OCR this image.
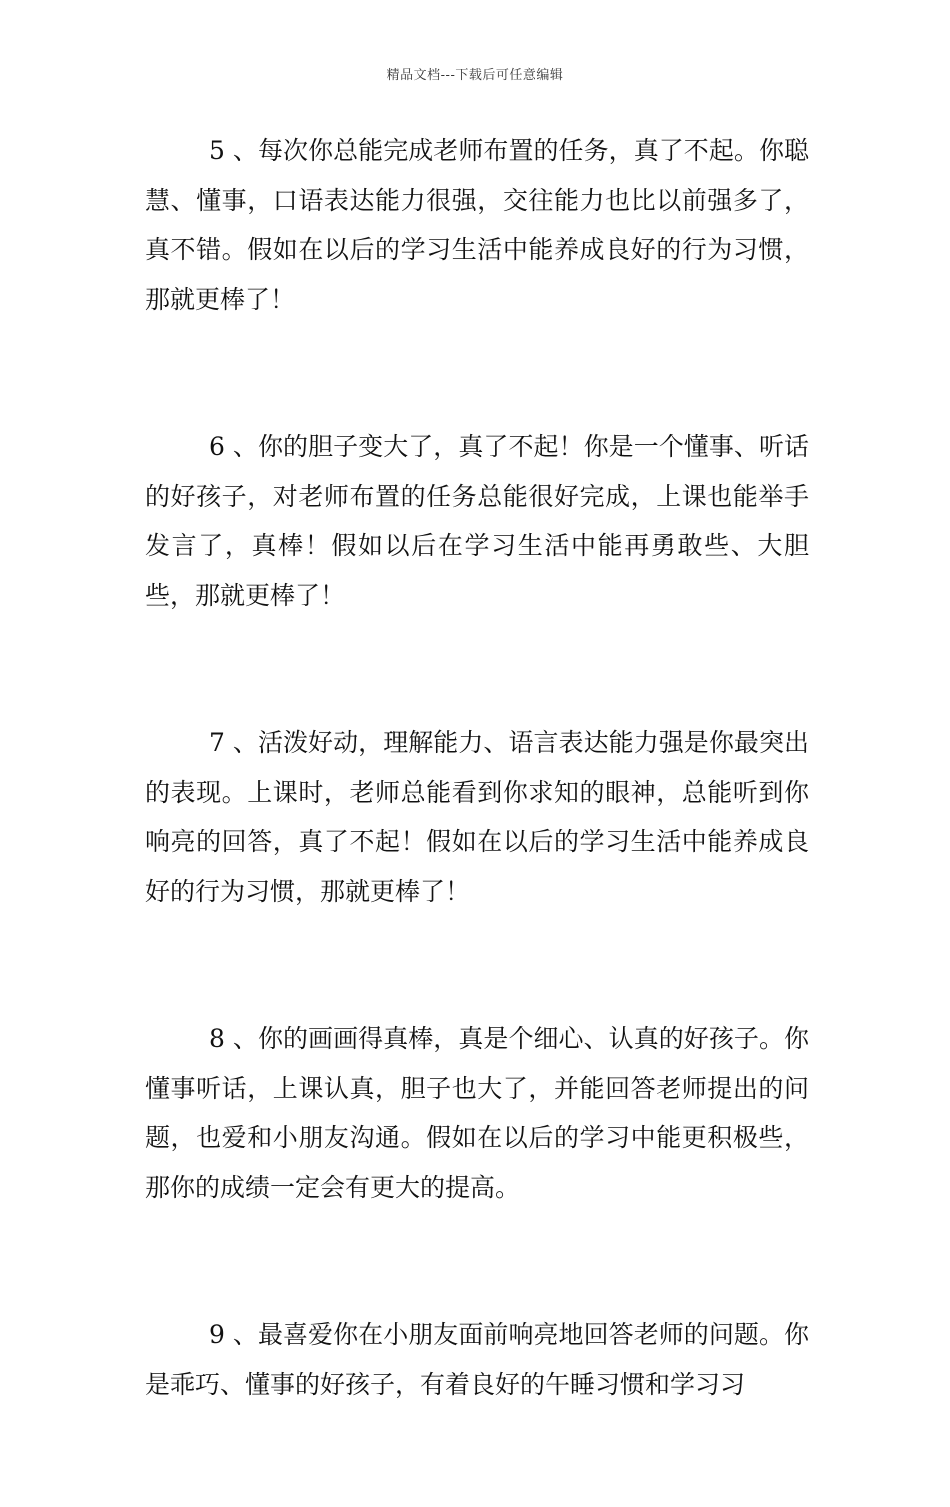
精品文档---下载后可任意编辑

5 、每次你总能完成老师布置的任务，真了不起。你聪慧、懂事，口语表达能力很强，交往能力也比以前强多了，真不错。假如在以后的学习生活中能养成良好的行为习惯，那就更棒了！

6 、你的胆子变大了，真了不起！你是一个懂事、听话的好孩子，对老师布置的任务总能很好完成，上课也能举手发言了，真棒！假如以后在学习生活中能再勇敢些、大胆些，那就更棒了！

7 、活泼好动，理解能力、语言表达能力强是你最突出的表现。上课时，老师总能看到你求知的眼神，总能听到你响亮的回答，真了不起！假如在以后的学习生活中能养成良好的行为习惯，那就更棒了！

8 、你的画画得真棒，真是个细心、认真的好孩子。你懂事听话，上课认真，胆子也大了，并能回答老师提出的问题，也爱和小朋友沟通。假如在以后的学习中能更积极些，那你的成绩一定会有更大的提高。

9 、最喜爱你在小朋友面前响亮地回答老师的问题。你是乖巧、懂事的好孩子，有着良好的午睡习惯和学习习
